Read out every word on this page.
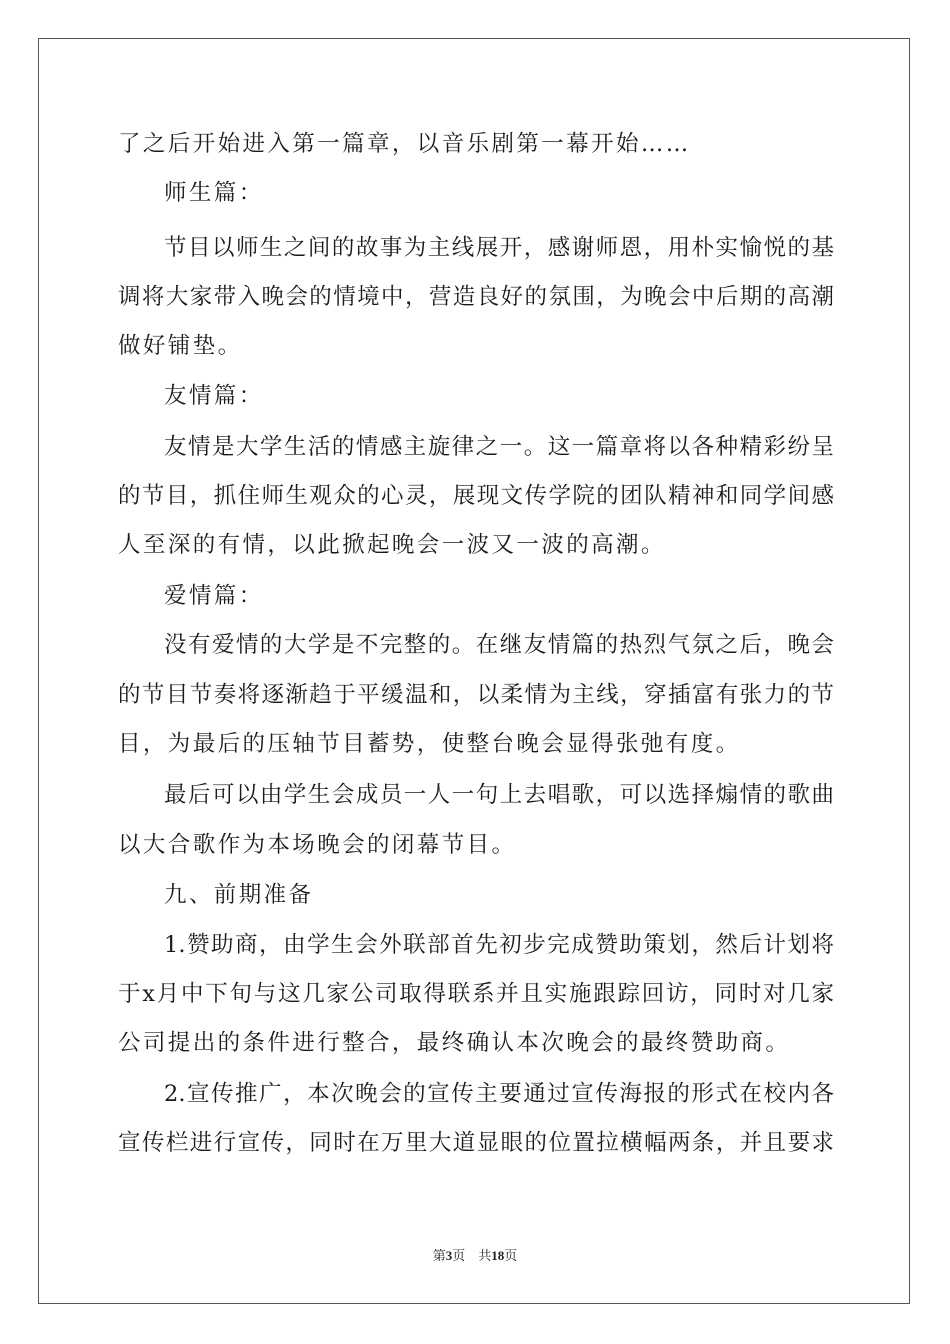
了之后开始进入第一篇章，以音乐剧第一幕开始……
师生篇：
节目以师生之间的故事为主线展开，感谢师恩，用朴实愉悦的基
调将大家带入晚会的情境中，营造良好的氛围，为晚会中后期的高潮
做好铺垫。
友情篇：
友情是大学生活的情感主旋律之一。这一篇章将以各种精彩纷呈
的节目，抓住师生观众的心灵，展现文传学院的团队精神和同学间感
人至深的有情，以此掀起晚会一波又一波的高潮。
爱情篇：
没有爱情的大学是不完整的。在继友情篇的热烈气氛之后，晚会
的节目节奏将逐渐趋于平缓温和，以柔情为主线，穿插富有张力的节
目，为最后的压轴节目蓄势，使整台晚会显得张弛有度。
最后可以由学生会成员一人一句上去唱歌，可以选择煽情的歌曲
以大合歌作为本场晚会的闭幕节目。
九、前期准备
1.赞助商，由学生会外联部首先初步完成赞助策划，然后计划将
于x月中下旬与这几家公司取得联系并且实施跟踪回访，同时对几家
公司提出的条件进行整合，最终确认本次晚会的最终赞助商。
2.宣传推广，本次晚会的宣传主要通过宣传海报的形式在校内各
宣传栏进行宣传，同时在万里大道显眼的位置拉横幅两条，并且要求
第3页 共18页
